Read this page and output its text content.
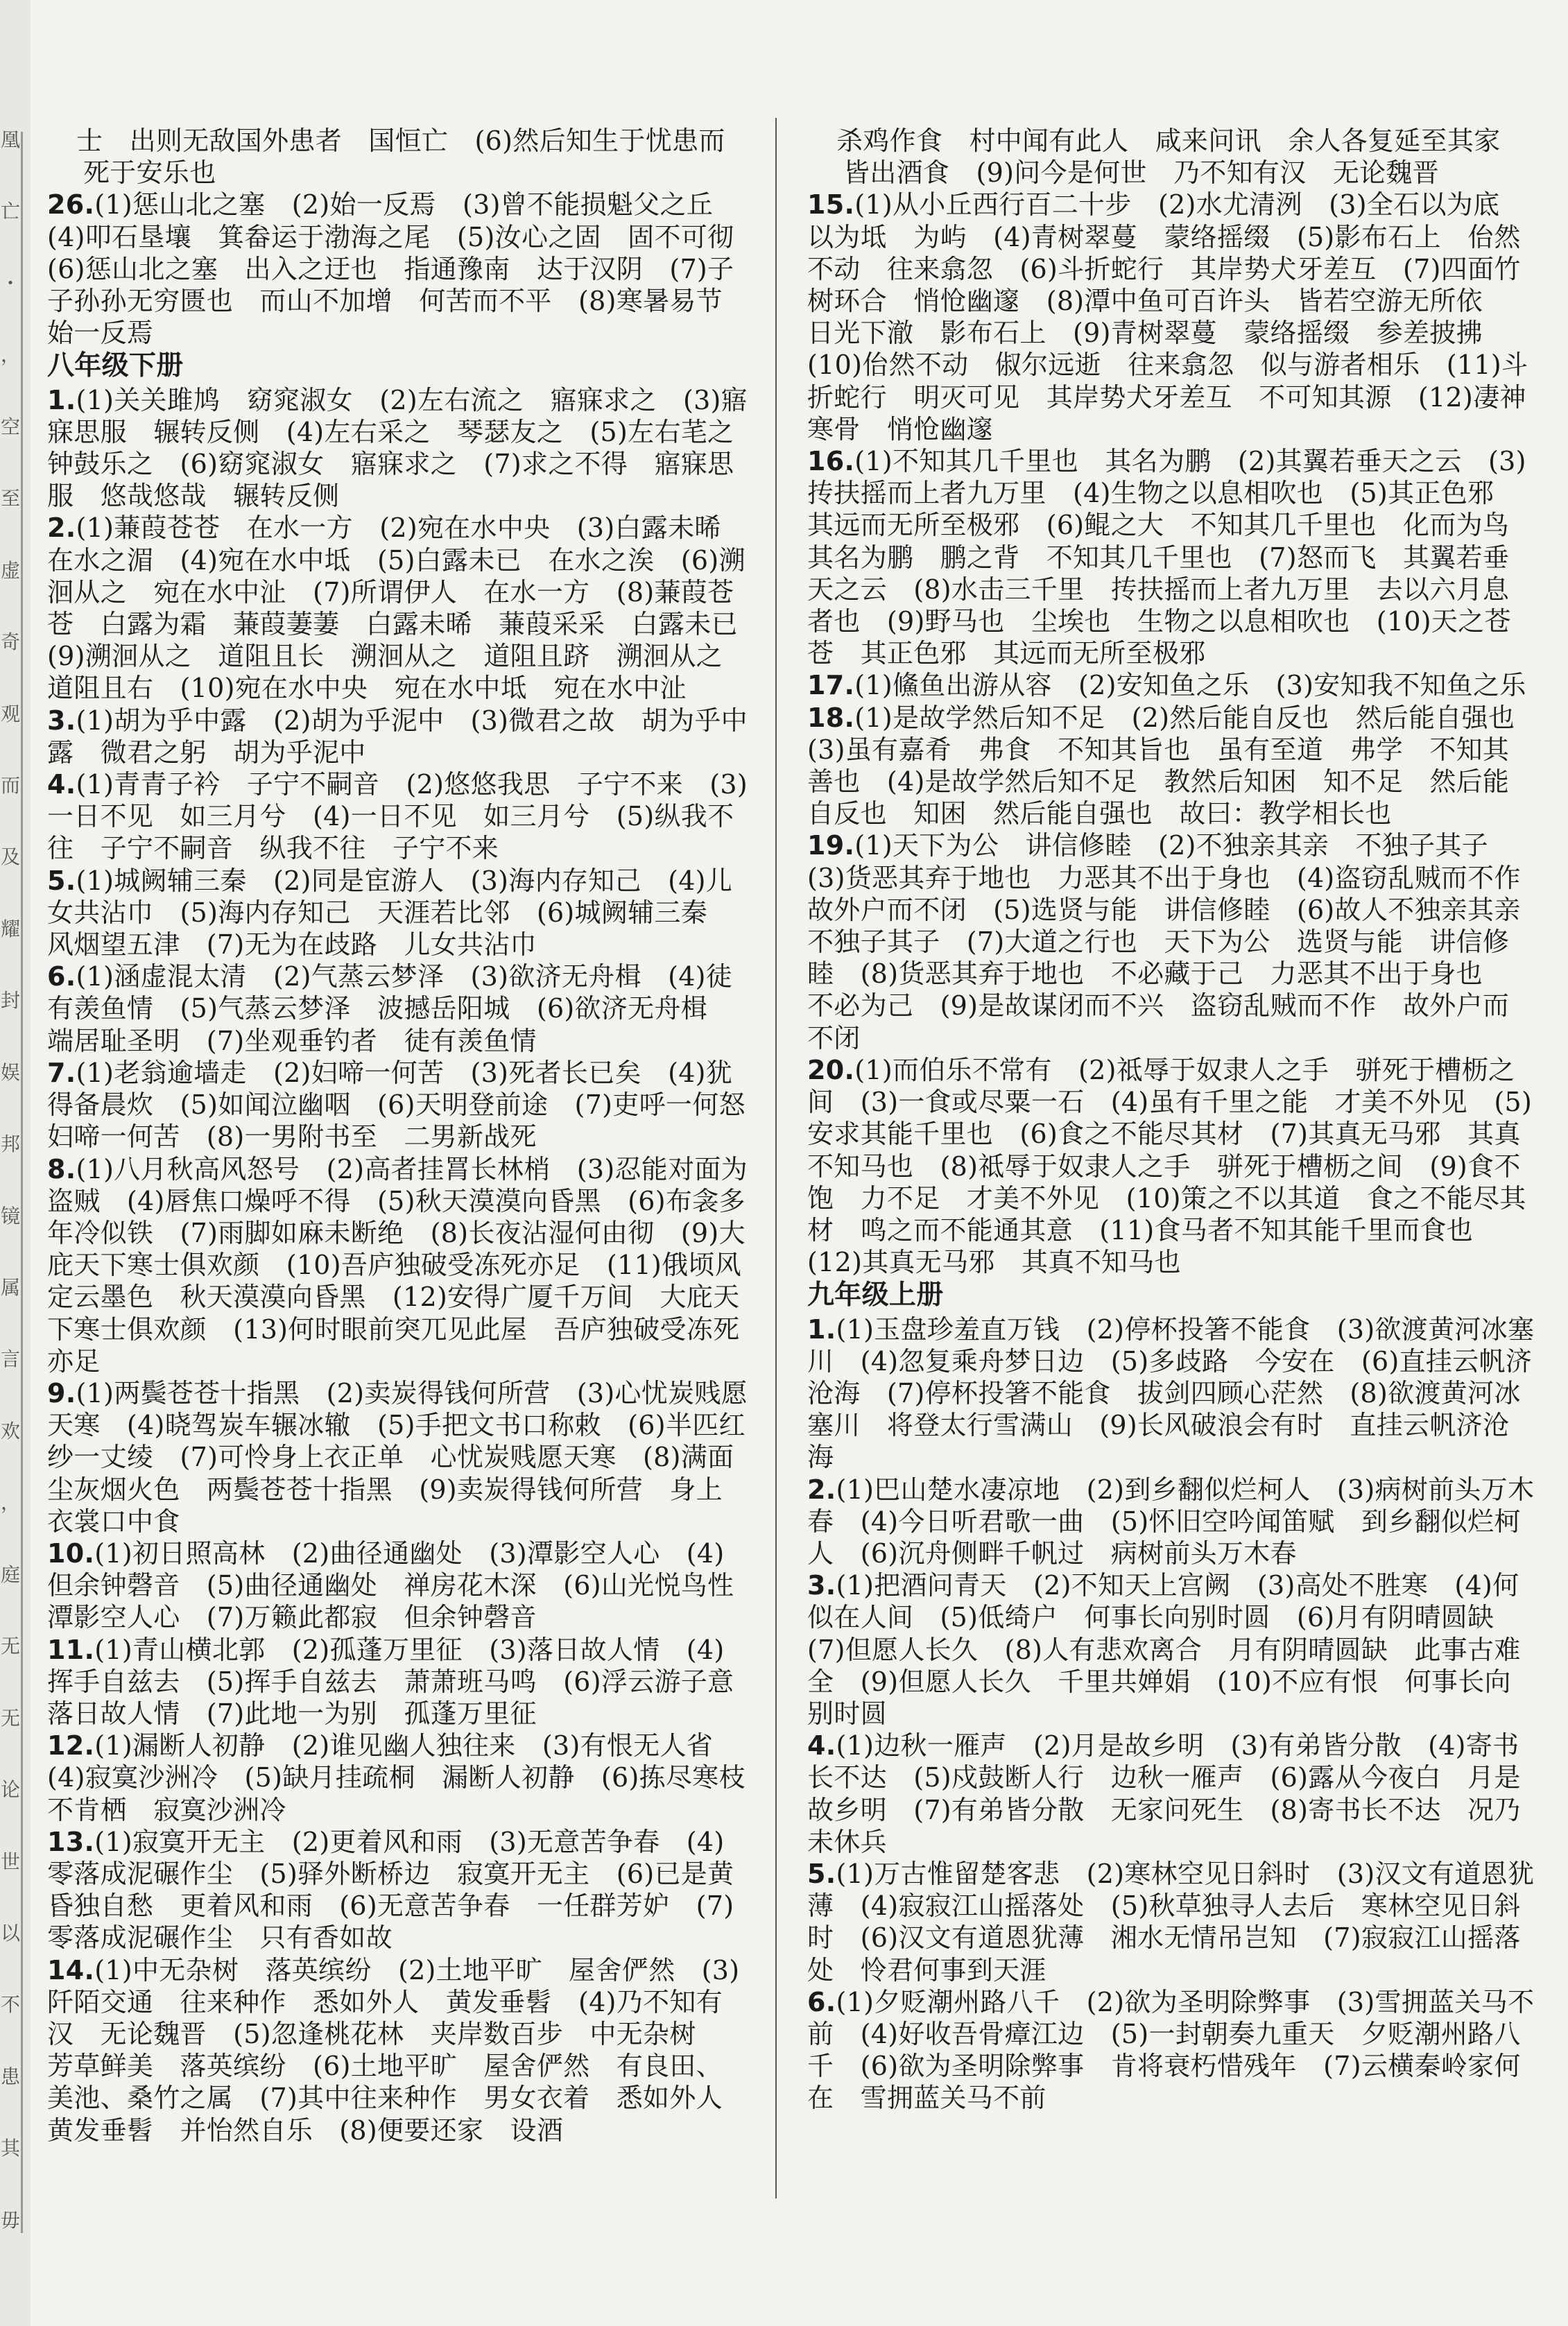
凰
亡
・
，
空
至
虚
奇
观
而
及
耀
封
娱
邦
镜
属
言
欢
，
庭
无
无
论
世
以
不
患
其
毋
士　出则无敌国外患者　国恒亡　(6)然后知生于忧患而死于安乐也
26.(1)惩山北之塞　(2)始一反焉　(3)曾不能损魁父之丘　(4)叩石垦壤　箕畚运于渤海之尾　(5)汝心之固　固不可彻　(6)惩山北之塞　出入之迂也　指通豫南　达于汉阴　(7)子子孙孙无穷匮也　而山不加增　何苦而不平　(8)寒暑易节　始一反焉
八年级下册
1.(1)关关雎鸠　窈窕淑女　(2)左右流之　寤寐求之　(3)寤寐思服　辗转反侧　(4)左右采之　琴瑟友之　(5)左右芼之　钟鼓乐之　(6)窈窕淑女　寤寐求之　(7)求之不得　寤寐思服　悠哉悠哉　辗转反侧
2.(1)蒹葭苍苍　在水一方　(2)宛在水中央　(3)白露未晞　在水之湄　(4)宛在水中坻　(5)白露未已　在水之涘　(6)溯洄从之　宛在水中沚　(7)所谓伊人　在水一方　(8)蒹葭苍苍　白露为霜　蒹葭萋萋　白露未晞　蒹葭采采　白露未已　(9)溯洄从之　道阻且长　溯洄从之　道阻且跻　溯洄从之　道阻且右　(10)宛在水中央　宛在水中坻　宛在水中沚
3.(1)胡为乎中露　(2)胡为乎泥中　(3)微君之故　胡为乎中露　微君之躬　胡为乎泥中
4.(1)青青子衿　子宁不嗣音　(2)悠悠我思　子宁不来　(3)一日不见　如三月兮　(4)一日不见　如三月兮　(5)纵我不往　子宁不嗣音　纵我不往　子宁不来
5.(1)城阙辅三秦　(2)同是宦游人　(3)海内存知己　(4)儿女共沾巾　(5)海内存知己　天涯若比邻　(6)城阙辅三秦　风烟望五津　(7)无为在歧路　儿女共沾巾
6.(1)涵虚混太清　(2)气蒸云梦泽　(3)欲济无舟楫　(4)徒有羡鱼情　(5)气蒸云梦泽　波撼岳阳城　(6)欲济无舟楫　端居耻圣明　(7)坐观垂钓者　徒有羡鱼情
7.(1)老翁逾墙走　(2)妇啼一何苦　(3)死者长已矣　(4)犹得备晨炊　(5)如闻泣幽咽　(6)天明登前途　(7)吏呼一何怒　妇啼一何苦　(8)一男附书至　二男新战死
8.(1)八月秋高风怒号　(2)高者挂罥长林梢　(3)忍能对面为盗贼　(4)唇焦口燥呼不得　(5)秋天漠漠向昏黑　(6)布衾多年冷似铁　(7)雨脚如麻未断绝　(8)长夜沾湿何由彻　(9)大庇天下寒士俱欢颜　(10)吾庐独破受冻死亦足　(11)俄顷风定云墨色　秋天漠漠向昏黑　(12)安得广厦千万间　大庇天下寒士俱欢颜　(13)何时眼前突兀见此屋　吾庐独破受冻死亦足
9.(1)两鬓苍苍十指黑　(2)卖炭得钱何所营　(3)心忧炭贱愿天寒　(4)晓驾炭车辗冰辙　(5)手把文书口称敕　(6)半匹红纱一丈绫　(7)可怜身上衣正单　心忧炭贱愿天寒　(8)满面尘灰烟火色　两鬓苍苍十指黑　(9)卖炭得钱何所营　身上衣裳口中食
10.(1)初日照高林　(2)曲径通幽处　(3)潭影空人心　(4)但余钟磬音　(5)曲径通幽处　禅房花木深　(6)山光悦鸟性　潭影空人心　(7)万籁此都寂　但余钟磬音
11.(1)青山横北郭　(2)孤蓬万里征　(3)落日故人情　(4)挥手自兹去　(5)挥手自兹去　萧萧班马鸣　(6)浮云游子意　落日故人情　(7)此地一为别　孤蓬万里征
12.(1)漏断人初静　(2)谁见幽人独往来　(3)有恨无人省　(4)寂寞沙洲冷　(5)缺月挂疏桐　漏断人初静　(6)拣尽寒枝不肯栖　寂寞沙洲冷
13.(1)寂寞开无主　(2)更着风和雨　(3)无意苦争春　(4)零落成泥碾作尘　(5)驿外断桥边　寂寞开无主　(6)已是黄昏独自愁　更着风和雨　(6)无意苦争春　一任群芳妒　(7)零落成泥碾作尘　只有香如故
14.(1)中无杂树　落英缤纷　(2)土地平旷　屋舍俨然　(3)阡陌交通　往来种作　悉如外人　黄发垂髫　(4)乃不知有汉　无论魏晋　(5)忽逢桃花林　夹岸数百步　中无杂树　芳草鲜美　落英缤纷　(6)土地平旷　屋舍俨然　有良田、美池、桑竹之属　(7)其中往来种作　男女衣着　悉如外人　黄发垂髫　并怡然自乐　(8)便要还家　设酒
杀鸡作食　村中闻有此人　咸来问讯　余人各复延至其家　皆出酒食　(9)问今是何世　乃不知有汉　无论魏晋
15.(1)从小丘西行百二十步　(2)水尤清洌　(3)全石以为底　以为坻　为屿　(4)青树翠蔓　蒙络摇缀　(5)影布石上　佁然不动　往来翕忽　(6)斗折蛇行　其岸势犬牙差互　(7)四面竹树环合　悄怆幽邃　(8)潭中鱼可百许头　皆若空游无所依　日光下澈　影布石上　(9)青树翠蔓　蒙络摇缀　参差披拂　(10)佁然不动　俶尔远逝　往来翕忽　似与游者相乐　(11)斗折蛇行　明灭可见　其岸势犬牙差互　不可知其源　(12)凄神寒骨　悄怆幽邃
16.(1)不知其几千里也　其名为鹏　(2)其翼若垂天之云　(3)抟扶摇而上者九万里　(4)生物之以息相吹也　(5)其正色邪　其远而无所至极邪　(6)鲲之大　不知其几千里也　化而为鸟　其名为鹏　鹏之背　不知其几千里也　(7)怒而飞　其翼若垂天之云　(8)水击三千里　抟扶摇而上者九万里　去以六月息者也　(9)野马也　尘埃也　生物之以息相吹也　(10)天之苍苍　其正色邪　其远而无所至极邪
17.(1)鯈鱼出游从容　(2)安知鱼之乐　(3)安知我不知鱼之乐
18.(1)是故学然后知不足　(2)然后能自反也　然后能自强也　(3)虽有嘉肴　弗食　不知其旨也　虽有至道　弗学　不知其善也　(4)是故学然后知不足　教然后知困　知不足　然后能自反也　知困　然后能自强也　故曰：教学相长也
19.(1)天下为公　讲信修睦　(2)不独亲其亲　不独子其子　(3)货恶其弃于地也　力恶其不出于身也　(4)盗窃乱贼而不作　故外户而不闭　(5)选贤与能　讲信修睦　(6)故人不独亲其亲　不独子其子　(7)大道之行也　天下为公　选贤与能　讲信修睦　(8)货恶其弃于地也　不必藏于己　力恶其不出于身也　不必为己　(9)是故谋闭而不兴　盗窃乱贼而不作　故外户而不闭
20.(1)而伯乐不常有　(2)祗辱于奴隶人之手　骈死于槽枥之间　(3)一食或尽粟一石　(4)虽有千里之能　才美不外见　(5)安求其能千里也　(6)食之不能尽其材　(7)其真无马邪　其真不知马也　(8)祗辱于奴隶人之手　骈死于槽枥之间　(9)食不饱　力不足　才美不外见　(10)策之不以其道　食之不能尽其材　鸣之而不能通其意　(11)食马者不知其能千里而食也　(12)其真无马邪　其真不知马也
九年级上册
1.(1)玉盘珍羞直万钱　(2)停杯投箸不能食　(3)欲渡黄河冰塞川　(4)忽复乘舟梦日边　(5)多歧路　今安在　(6)直挂云帆济沧海　(7)停杯投箸不能食　拔剑四顾心茫然　(8)欲渡黄河冰塞川　将登太行雪满山　(9)长风破浪会有时　直挂云帆济沧海
2.(1)巴山楚水凄凉地　(2)到乡翻似烂柯人　(3)病树前头万木春　(4)今日听君歌一曲　(5)怀旧空吟闻笛赋　到乡翻似烂柯人　(6)沉舟侧畔千帆过　病树前头万木春
3.(1)把酒问青天　(2)不知天上宫阙　(3)高处不胜寒　(4)何似在人间　(5)低绮户　何事长向别时圆　(6)月有阴晴圆缺　(7)但愿人长久　(8)人有悲欢离合　月有阴晴圆缺　此事古难全　(9)但愿人长久　千里共婵娟　(10)不应有恨　何事长向别时圆
4.(1)边秋一雁声　(2)月是故乡明　(3)有弟皆分散　(4)寄书长不达　(5)戍鼓断人行　边秋一雁声　(6)露从今夜白　月是故乡明　(7)有弟皆分散　无家问死生　(8)寄书长不达　况乃未休兵
5.(1)万古惟留楚客悲　(2)寒林空见日斜时　(3)汉文有道恩犹薄　(4)寂寂江山摇落处　(5)秋草独寻人去后　寒林空见日斜时　(6)汉文有道恩犹薄　湘水无情吊岂知　(7)寂寂江山摇落处　怜君何事到天涯
6.(1)夕贬潮州路八千　(2)欲为圣明除弊事　(3)雪拥蓝关马不前　(4)好收吾骨瘴江边　(5)一封朝奏九重天　夕贬潮州路八千　(6)欲为圣明除弊事　肯将衰朽惜残年　(7)云横秦岭家何在　雪拥蓝关马不前
